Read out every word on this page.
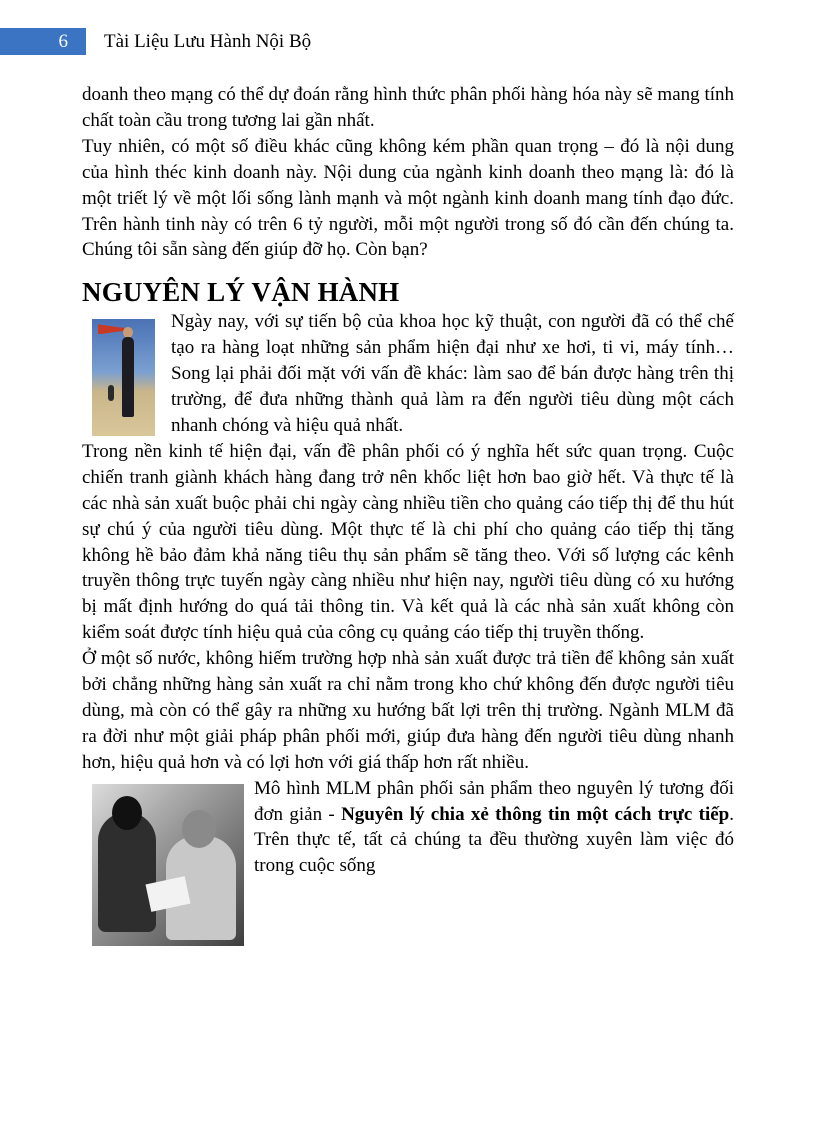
6	Tài Liệu Lưu Hành Nội Bộ

doanh theo mạng có thể dự đoán rằng hình thức phân phối hàng hóa này sẽ mang tính chất toàn cầu trong tương lai gần nhất.

Tuy nhiên, có một số điều khác cũng không kém phần quan trọng – đó là nội dung của hình théc kinh doanh này. Nội dung của ngành kinh doanh theo mạng là: đó là một triết lý về một lối sống lành mạnh và một ngành kinh doanh mang tính đạo đức. Trên hành tinh này có trên 6 tỷ người, mỗi một người trong số đó cần đến chúng ta. Chúng tôi sẵn sàng đến giúp đỡ họ. Còn bạn?

NGUYÊN LÝ VẬN HÀNH

Ngày nay, với sự tiến bộ của khoa học kỹ thuật, con người đã có thể chế tạo ra hàng loạt những sản phẩm hiện đại như xe hơi, ti vi, máy tính… Song lại phải đối mặt với vấn đề khác: làm sao để bán được hàng trên thị trường, để đưa những thành quả làm ra đến người tiêu dùng một cách nhanh chóng và hiệu quả nhất.

Trong nền kinh tế hiện đại, vấn đề phân phối có ý nghĩa hết sức quan trọng. Cuộc chiến tranh giành khách hàng đang trở nên khốc liệt hơn bao giờ hết. Và thực tế là các nhà sản xuất buộc phải chi ngày càng nhiều tiền cho quảng cáo tiếp thị để thu hút sự chú ý của người tiêu dùng. Một thực tế là chi phí cho quảng cáo tiếp thị tăng không hề bảo đảm khả năng tiêu thụ sản phẩm sẽ tăng theo. Với số lượng các kênh truyền thông trực tuyến ngày càng nhiều như hiện nay, người tiêu dùng có xu hướng bị mất định hướng do quá tải thông tin. Và kết quả là các nhà sản xuất không còn kiểm soát được tính hiệu quả của công cụ quảng cáo tiếp thị truyền thống.

Ở một số nước, không hiếm trường hợp nhà sản xuất được trả tiền để không sản xuất bởi chẳng những hàng sản xuất ra chỉ nằm trong kho chứ không đến được người tiêu dùng, mà còn có thể gây ra những xu hướng bất lợi trên thị trường. Ngành MLM đã ra đời như một giải pháp phân phối mới, giúp đưa hàng đến người tiêu dùng nhanh hơn, hiệu quả hơn và có lợi hơn với giá thấp hơn rất nhiều.

Mô hình MLM phân phối sản phẩm theo nguyên lý tương đối đơn giản - Nguyên lý chia xẻ thông tin một cách trực tiếp. Trên thực tế, tất cả chúng ta đều thường xuyên làm việc đó trong cuộc sống
